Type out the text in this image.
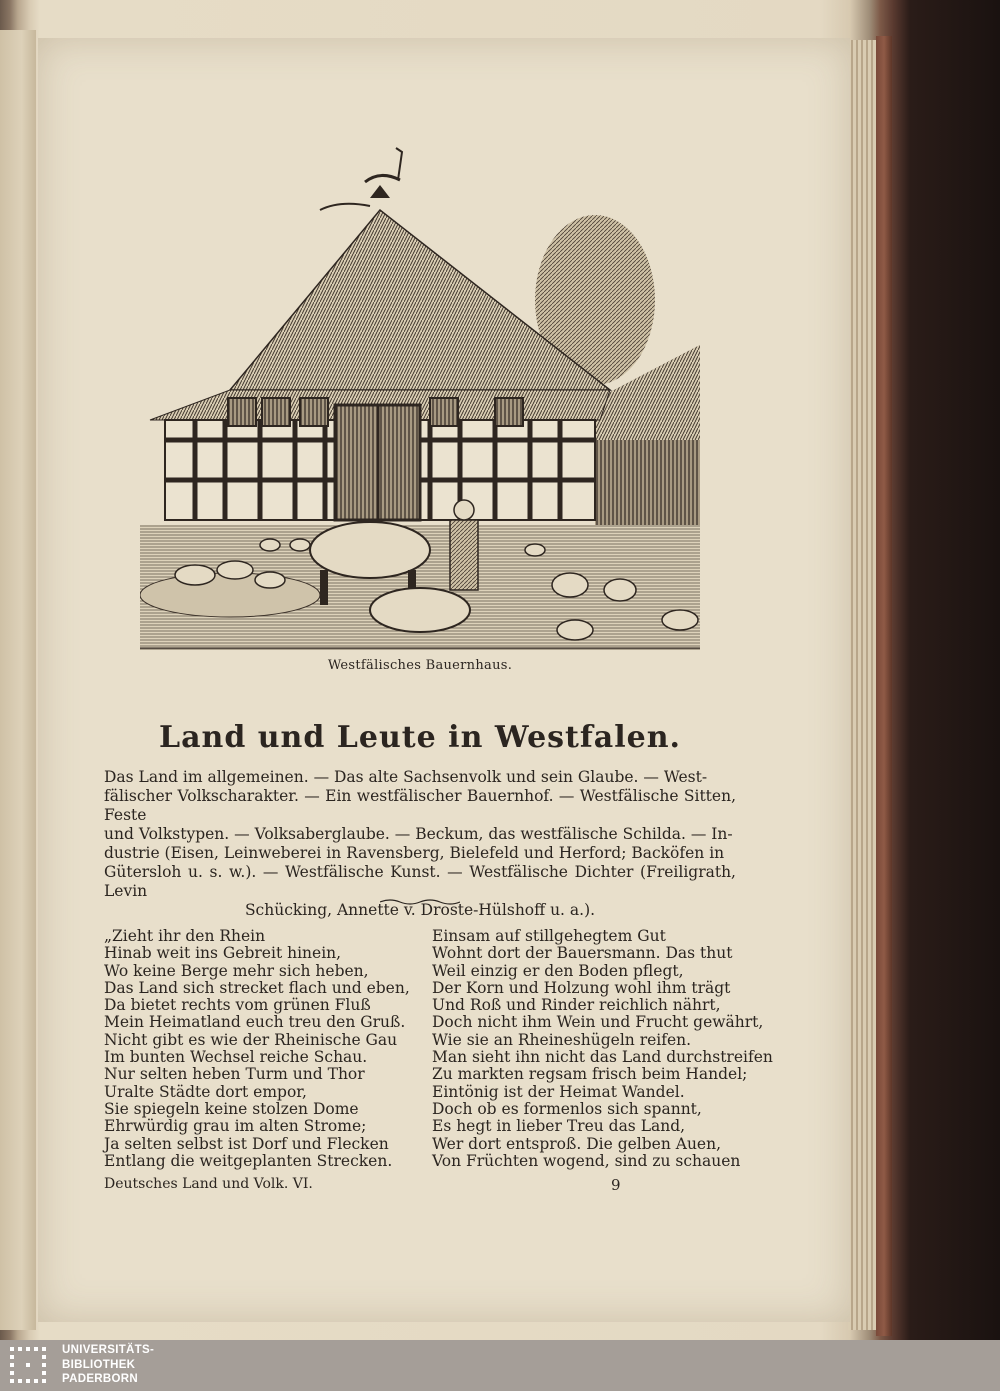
Westfälisches Bauernhaus.
Land und Leute in Westfalen.
Das Land im allgemeinen. — Das alte Sachsenvolk und sein Glaube. — West-
fälischer Volkscharakter. — Ein westfälischer Bauernhof. — Westfälische Sitten, Feste
und Volkstypen. — Volksaberglaube. — Beckum, das westfälische Schilda. — In-
dustrie (Eisen, Leinweberei in Ravensberg, Bielefeld und Herford; Backöfen in
Gütersloh u. s. w.). — Westfälische Kunst. — Westfälische Dichter (Freiligrath, Levin
Schücking, Annette v. Droste-Hülshoff u. a.).
„Zieht ihr den Rhein
Hinab weit ins Gebreit hinein,
Wo keine Berge mehr sich heben,
Das Land sich strecket flach und eben,
Da bietet rechts vom grünen Fluß
Mein Heimatland euch treu den Gruß.
Nicht gibt es wie der Rheinische Gau
Im bunten Wechsel reiche Schau.
Nur selten heben Turm und Thor
Uralte Städte dort empor,
Sie spiegeln keine stolzen Dome
Ehrwürdig grau im alten Strome;
Ja selten selbst ist Dorf und Flecken
Entlang die weitgeplanten Strecken.
Einsam auf stillgehegtem Gut
Wohnt dort der Bauersmann. Das thut
Weil einzig er den Boden pflegt,
Der Korn und Holzung wohl ihm trägt
Und Roß und Rinder reichlich nährt,
Doch nicht ihm Wein und Frucht gewährt,
Wie sie an Rheineshügeln reifen.
Man sieht ihn nicht das Land durchstreifen
Zu markten regsam frisch beim Handel;
Eintönig ist der Heimat Wandel.
Doch ob es formenlos sich spannt,
Es hegt in lieber Treu das Land,
Wer dort entsproß. Die gelben Auen,
Von Früchten wogend, sind zu schauen
Deutsches Land und Volk. VI.	9
UNIVERSITÄTS-
BIBLIOTHEK
PADERBORN
